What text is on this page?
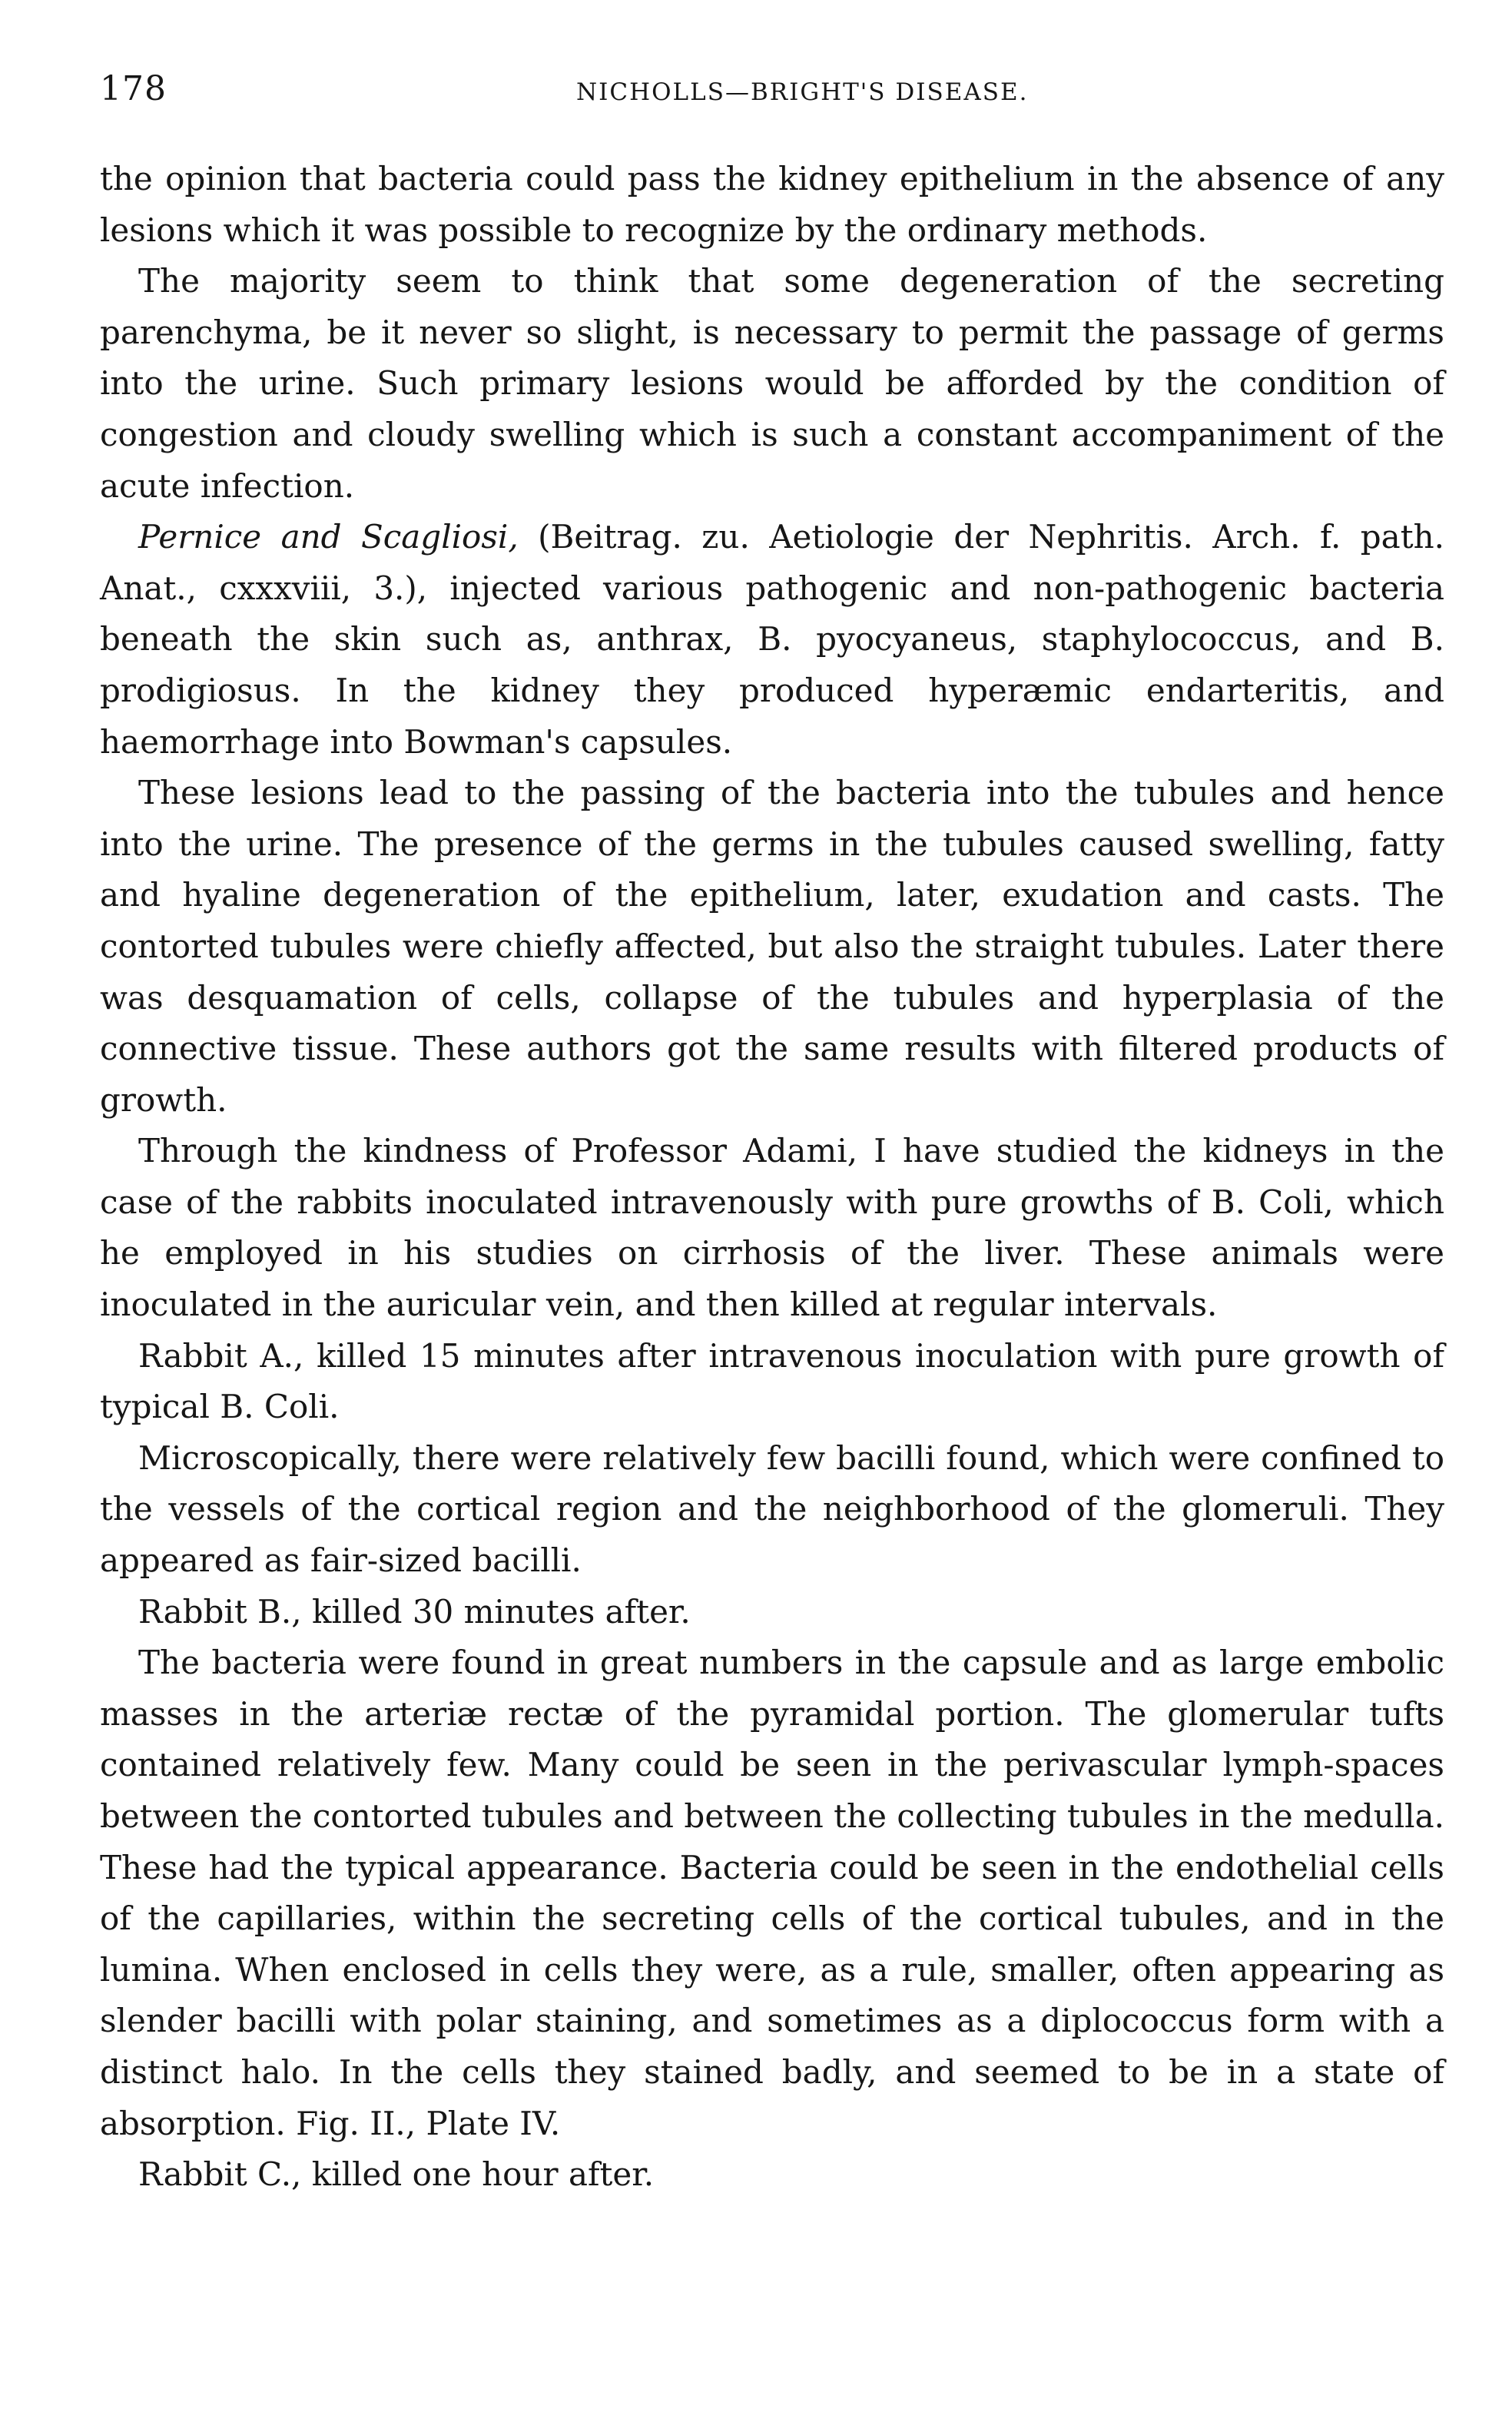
178	NICHOLLS—BRIGHT'S DISEASE.

the opinion that bacteria could pass the kidney epithelium in the absence of any lesions which it was possible to recognize by the ordinary methods.

The majority seem to think that some degeneration of the secreting parenchyma, be it never so slight, is necessary to permit the passage of germs into the urine. Such primary lesions would be afforded by the condition of congestion and cloudy swelling which is such a constant accompaniment of the acute infection.

Pernice and Scagliosi, (Beitrag. zu. Aetiologie der Nephritis. Arch. f. path. Anat., cxxxviii, 3.), injected various pathogenic and non-pathogenic bacteria beneath the skin such as, anthrax, B. pyocyaneus, staphylococcus, and B. prodigiosus. In the kidney they produced hyperæmic endarteritis, and haemorrhage into Bowman's capsules.

These lesions lead to the passing of the bacteria into the tubules and hence into the urine. The presence of the germs in the tubules caused swelling, fatty and hyaline degeneration of the epithelium, later, exudation and casts. The contorted tubules were chiefly affected, but also the straight tubules. Later there was desquamation of cells, collapse of the tubules and hyperplasia of the connective tissue. These authors got the same results with filtered products of growth.

Through the kindness of Professor Adami, I have studied the kidneys in the case of the rabbits inoculated intravenously with pure growths of B. Coli, which he employed in his studies on cirrhosis of the liver. These animals were inoculated in the auricular vein, and then killed at regular intervals.

Rabbit A., killed 15 minutes after intravenous inoculation with pure growth of typical B. Coli.

Microscopically, there were relatively few bacilli found, which were confined to the vessels of the cortical region and the neighborhood of the glomeruli. They appeared as fair-sized bacilli.

Rabbit B., killed 30 minutes after.

The bacteria were found in great numbers in the capsule and as large embolic masses in the arteriæ rectæ of the pyramidal portion. The glomerular tufts contained relatively few. Many could be seen in the perivascular lymph-spaces between the contorted tubules and between the collecting tubules in the medulla. These had the typical appearance. Bacteria could be seen in the endothelial cells of the capillaries, within the secreting cells of the cortical tubules, and in the lumina. When enclosed in cells they were, as a rule, smaller, often appearing as slender bacilli with polar staining, and sometimes as a diplococcus form with a distinct halo. In the cells they stained badly, and seemed to be in a state of absorption. Fig. II., Plate IV.

Rabbit C., killed one hour after.
